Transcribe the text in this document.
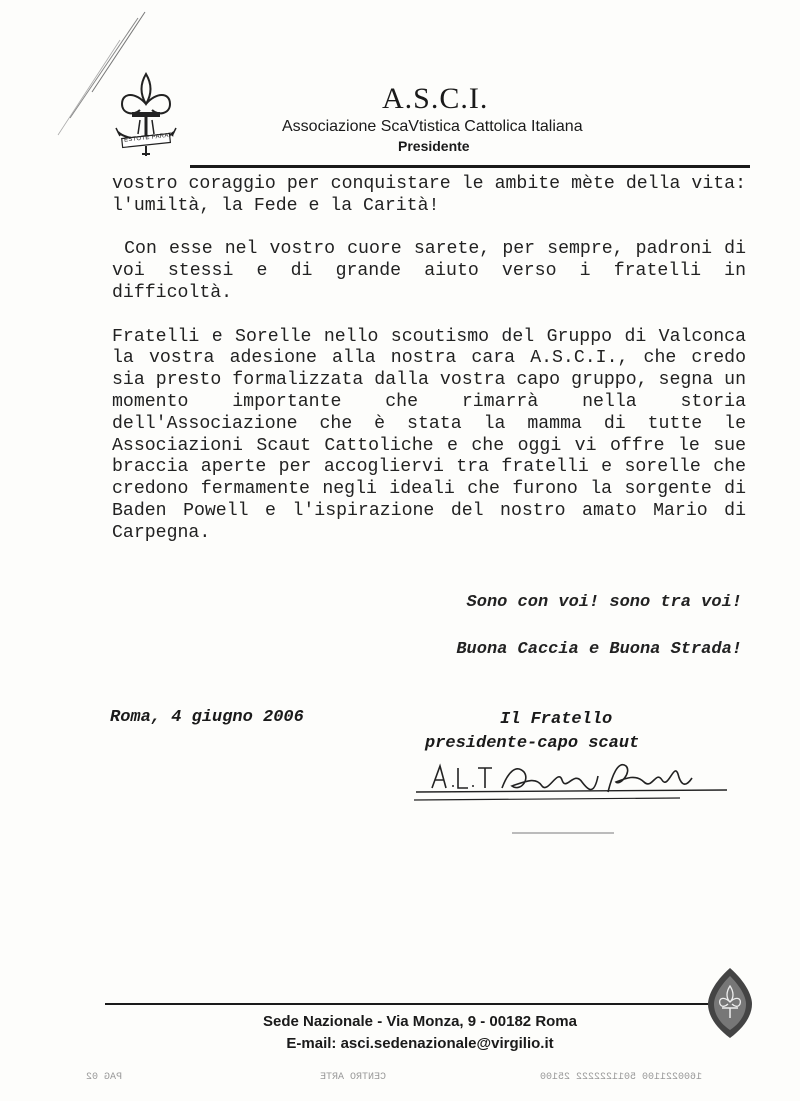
ESTOTE PARATI
A.S.C.I.
Associazione ScaVtistica Cattolica Italiana
Presidente

vostro coraggio per conquistare le ambite mète della vita: l'umiltà, la Fede e la Carità!

Con esse nel vostro cuore sarete, per sempre, padroni di voi stessi e di grande aiuto verso i fratelli in difficoltà.

Fratelli e Sorelle nello scoutismo del Gruppo di Valconca la vostra adesione alla nostra cara A.S.C.I., che credo sia presto formalizzata dalla vostra capo gruppo, segna un momento importante che rimarrà nella storia dell'Associazione che è stata la mamma di tutte le Associazioni Scaut Cattoliche e che oggi vi offre le sue braccia aperte per accogliervi tra fratelli e sorelle che credono fermamente negli ideali che furono la sorgente di Baden Powell e l'ispirazione del nostro amato Mario di Carpegna.

Sono con voi! sono tra voi!
Buona Caccia e Buona Strada!
Roma, 4 giugno 2006	Il Fratello
presidente-capo scaut
Sede Nazionale - Via Monza, 9 - 00182 Roma
E-mail: asci.sedenazionale@virgilio.it
PAG 02	CENTRO ARTE	1600221100 5011222222 25100
